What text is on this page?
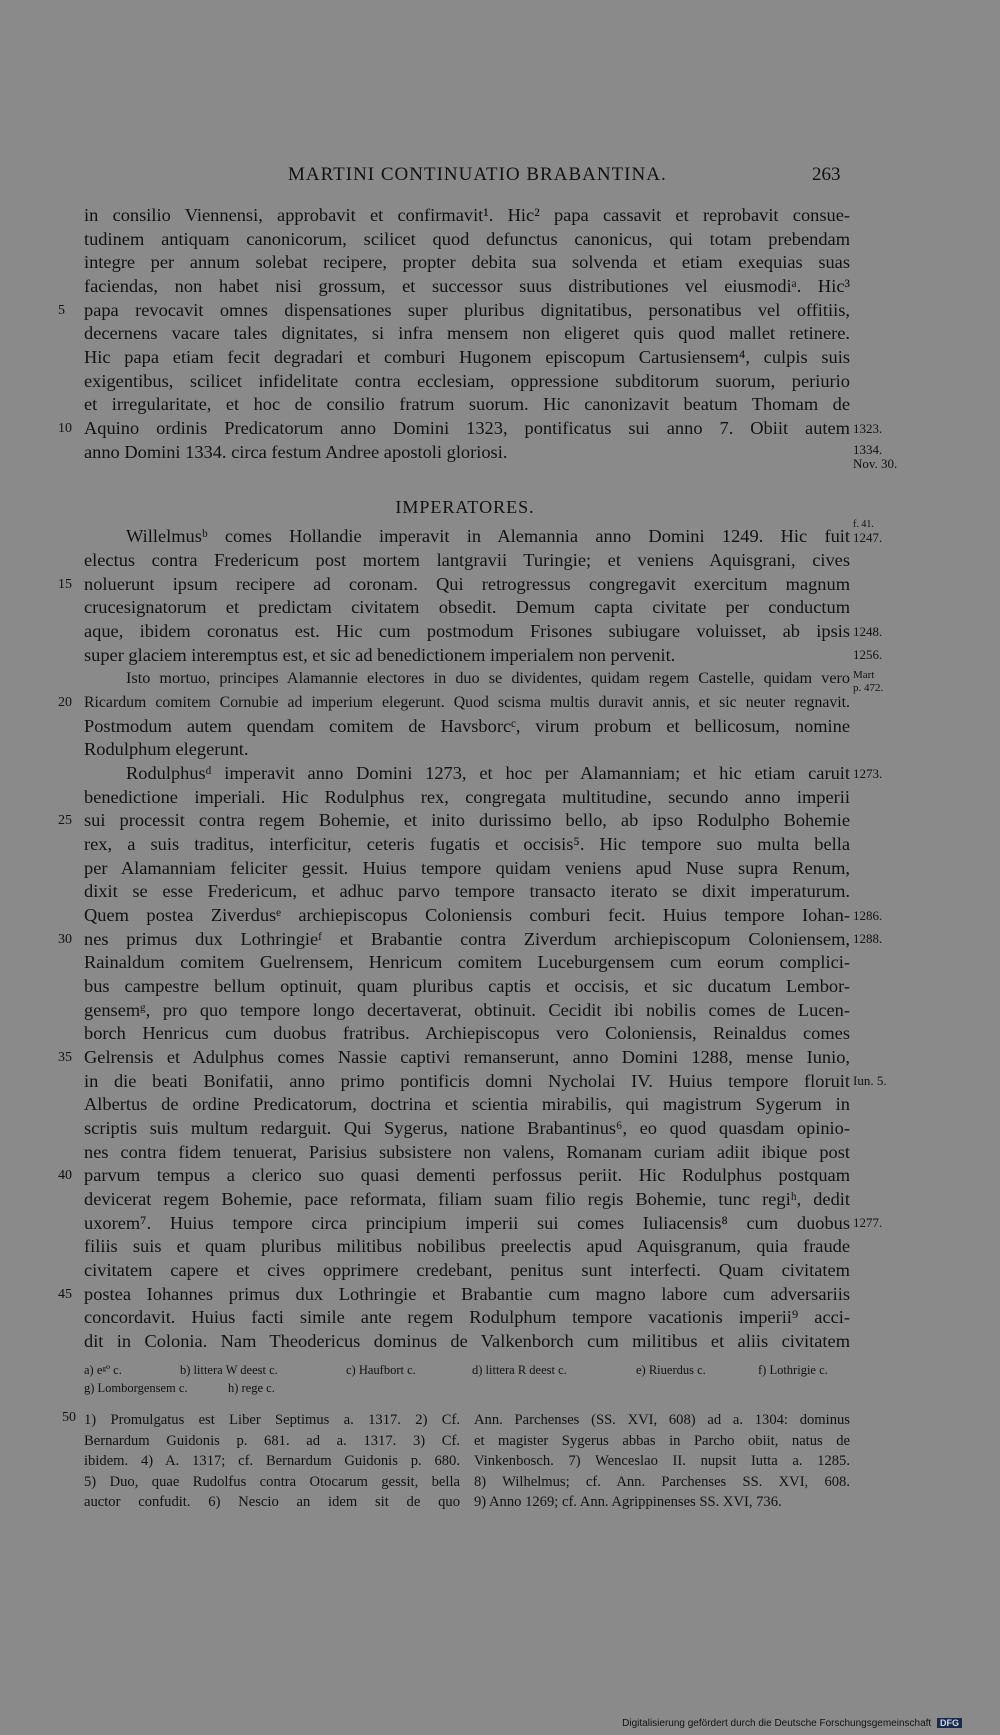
MARTINI CONTINUATIO BRABANTINA.	263
in consilio Viennensi, approbavit et confirmavit¹. Hic² papa cassavit et reprobavit consue-
tudinem antiquam canonicorum, scilicet quod defunctus canonicus, qui totam prebendam
integre per annum solebat recipere, propter debita sua solvenda et etiam exequias suas
faciendas, non habet nisi grossum, et successor suus distributiones vel eiusmodiᵃ. Hic³
papa revocavit omnes dispensationes super pluribus dignitatibus, personatibus vel offitiis,
decernens vacare tales dignitates, si infra mensem non eligeret quis quod mallet retinere.
Hic papa etiam fecit degradari et comburi Hugonem episcopum Cartusiensem⁴, culpis suis
exigentibus, scilicet infidelitate contra ecclesiam, oppressione subditorum suorum, periurio
et irregularitate, et hoc de consilio fratrum suorum. Hic canonizavit beatum Thomam de
Aquino ordinis Predicatorum anno Domini 1323, pontificatus sui anno 7. Obiit autem
anno Domini 1334. circa festum Andree apostoli gloriosi.
IMPERATORES.
Willelmusᵇ comes Hollandie imperavit in Alemannia anno Domini 1249. Hic fuit
electus contra Fredericum post mortem lantgravii Turingie; et veniens Aquisgrani, cives
noluerunt ipsum recipere ad coronam. Qui retrogressus congregavit exercitum magnum
crucesignatorum et predictam civitatem obsedit. Demum capta civitate per conductum
aque, ibidem coronatus est. Hic cum postmodum Frisones subiugare voluisset, ab ipsis
super glaciem interemptus est, et sic ad benedictionem imperialem non pervenit.
Isto mortuo, principes Alamannie electores in duo se dividentes, quidam regem Castelle, quidam vero
Ricardum comitem Cornubie ad imperium elegerunt. Quod scisma multis duravit annis, et sic neuter regnavit.
Postmodum autem quendam comitem de Havsborcᶜ, virum probum et bellicosum, nomine
Rodulphum elegerunt.
Rodulphusᵈ imperavit anno Domini 1273, et hoc per Alamanniam; et hic etiam caruit
benedictione imperiali. Hic Rodulphus rex, congregata multitudine, secundo anno imperii
sui processit contra regem Bohemie, et inito durissimo bello, ab ipso Rodulpho Bohemie
rex, a suis traditus, interficitur, ceteris fugatis et occisis⁵. Hic tempore suo multa bella
per Alamanniam feliciter gessit. Huius tempore quidam veniens apud Nuse supra Renum,
dixit se esse Fredericum, et adhuc parvo tempore transacto iterato se dixit imperaturum.
Quem postea Ziverdusᵉ archiepiscopus Coloniensis comburi fecit. Huius tempore Iohan-
nes primus dux Lothringieᶠ et Brabantie contra Ziverdum archiepiscopum Coloniensem,
Rainaldum comitem Guelrensem, Henricum comitem Luceburgensem cum eorum complici-
bus campestre bellum optinuit, quam pluribus captis et occisis, et sic ducatum Lembor-
gensemᵍ, pro quo tempore longo decertaverat, obtinuit. Cecidit ibi nobilis comes de Lucen-
borch Henricus cum duobus fratribus. Archiepiscopus vero Coloniensis, Reinaldus comes
Gelrensis et Adulphus comes Nassie captivi remanserunt, anno Domini 1288, mense Iunio,
in die beati Bonifatii, anno primo pontificis domni Nycholai IV. Huius tempore floruit
Albertus de ordine Predicatorum, doctrina et scientia mirabilis, qui magistrum Sygerum in
scriptis suis multum redarguit. Qui Sygerus, natione Brabantinus⁶, eo quod quasdam opinio-
nes contra fidem tenuerat, Parisius subsistere non valens, Romanam curiam adiit ibique post
parvum tempus a clerico suo quasi dementi perfossus periit. Hic Rodulphus postquam
devicerat regem Bohemie, pace reformata, filiam suam filio regis Bohemie, tunc regiʰ, dedit
uxorem⁷. Huius tempore circa principium imperii sui comes Iuliacensis⁸ cum duobus
filiis suis et quam pluribus militibus nobilibus preelectis apud Aquisgranum, quia fraude
civitatem capere et cives opprimere credebant, penitus sunt interfecti. Quam civitatem
postea Iohannes primus dux Lothringie et Brabantie cum magno labore cum adversariis
concordavit. Huius facti simile ante regem Rodulphum tempore vacationis imperii⁹ acci-
dit in Colonia. Nam Theodericus dominus de Valkenborch cum militibus et aliis civitatem
5
10
15
20
25
30
35
40
45
1323.
1334.
Nov. 30.
f. 41.
1247.
1248.
1256.
Mart
p. 472.
1273.
1286.
1288.
Iun. 5.
1277.
a) eᵍº c.	b) littera W deest c.	c) Haufbort c.	d) littera R deest c.	e) Riuerdus c.	f) Lothrigie c.
g) Lomborgensem c.	h) rege c.
50 1) Promulgatus est Liber Septimus a. 1317. 2) Cf.
Bernardum Guidonis p. 681. ad a. 1317. 3) Cf.
ibidem. 4) A. 1317; cf. Bernardum Guidonis p. 680.
5) Duo, quae Rudolfus contra Otocarum gessit, bella
auctor confudit. 6) Nescio an idem sit de quo
Ann. Parchenses (SS. XVI, 608) ad a. 1304: dominus
et magister Sygerus abbas in Parcho obiit, natus de
Vinkenbosch. 7) Wenceslao II. nupsit Iutta a. 1285.
8) Wilhelmus; cf. Ann. Parchenses SS. XVI, 608.
9) Anno 1269; cf. Ann. Agrippinenses SS. XVI, 736.
Digitalisierung gefördert durch die Deutsche Forschungsgemeinschaft DFG
